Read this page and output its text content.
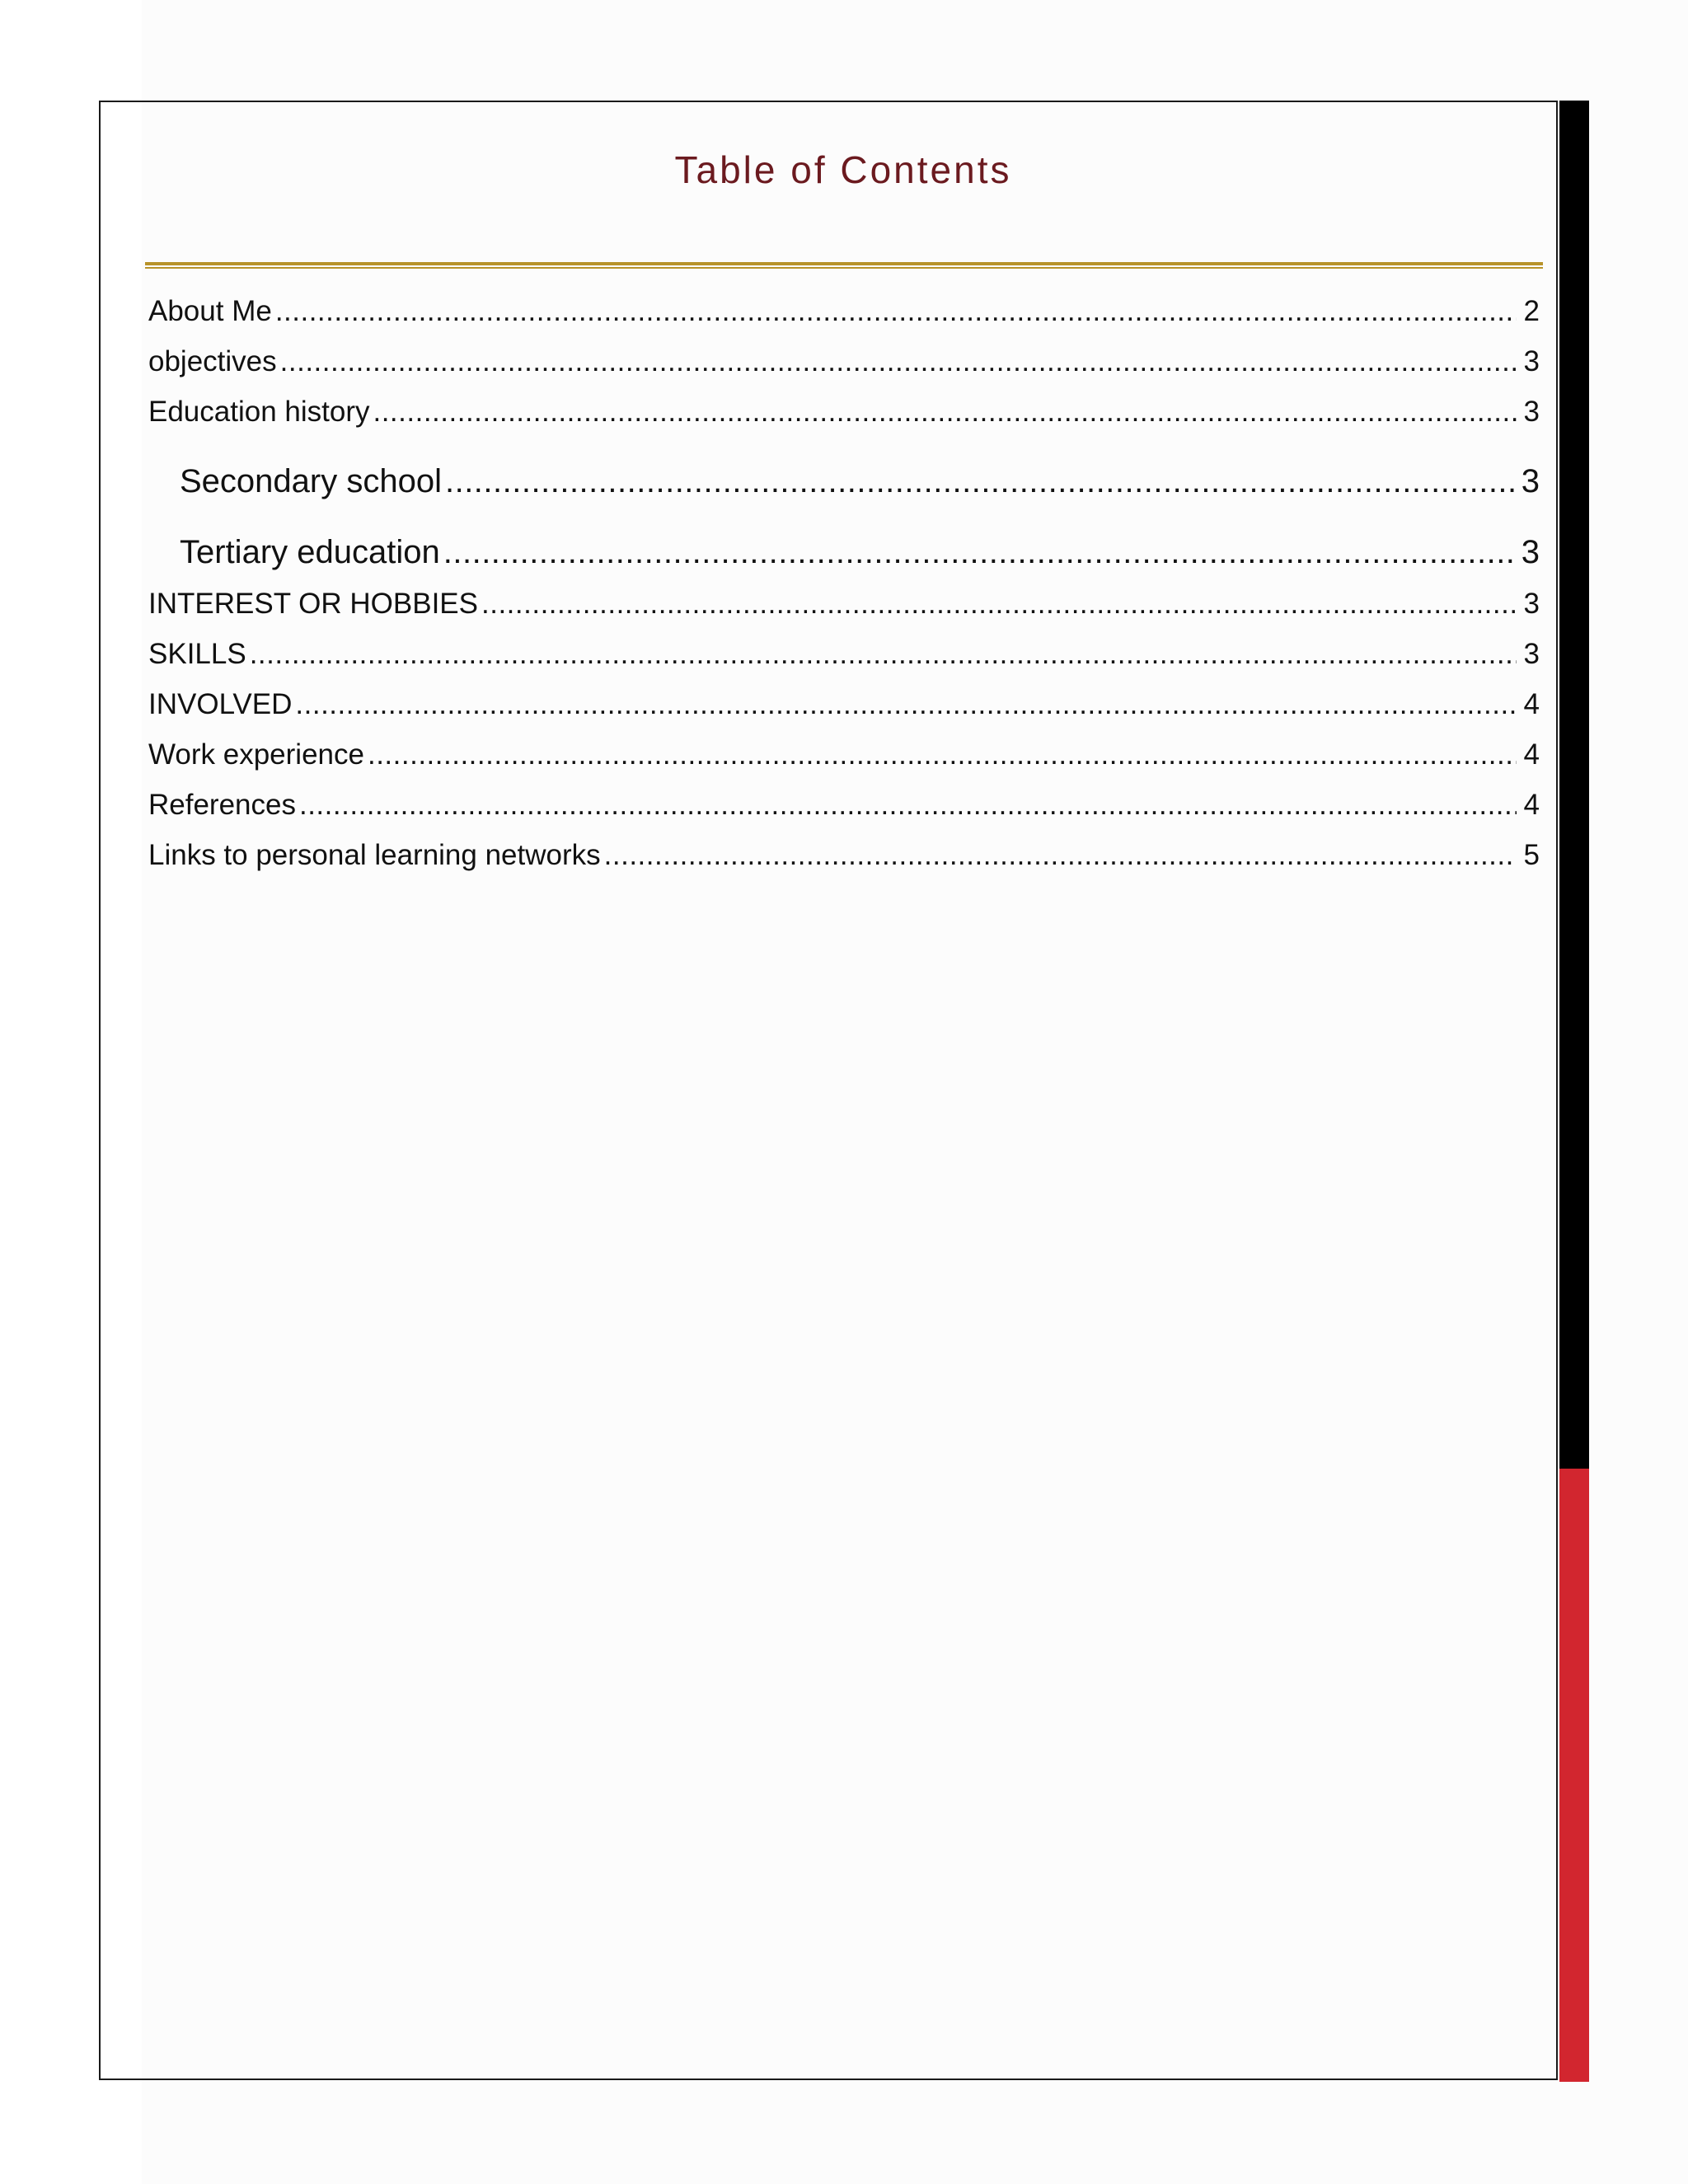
Table of Contents
About Me .....	2
objectives .....	3
Education history .....	3
Secondary school .....	3
Tertiary education .....	3
INTEREST OR HOBBIES .....	3
SKILLS .....	3
INVOLVED .....	4
Work experience .....	4
References .....	4
Links to personal learning networks .....	5
